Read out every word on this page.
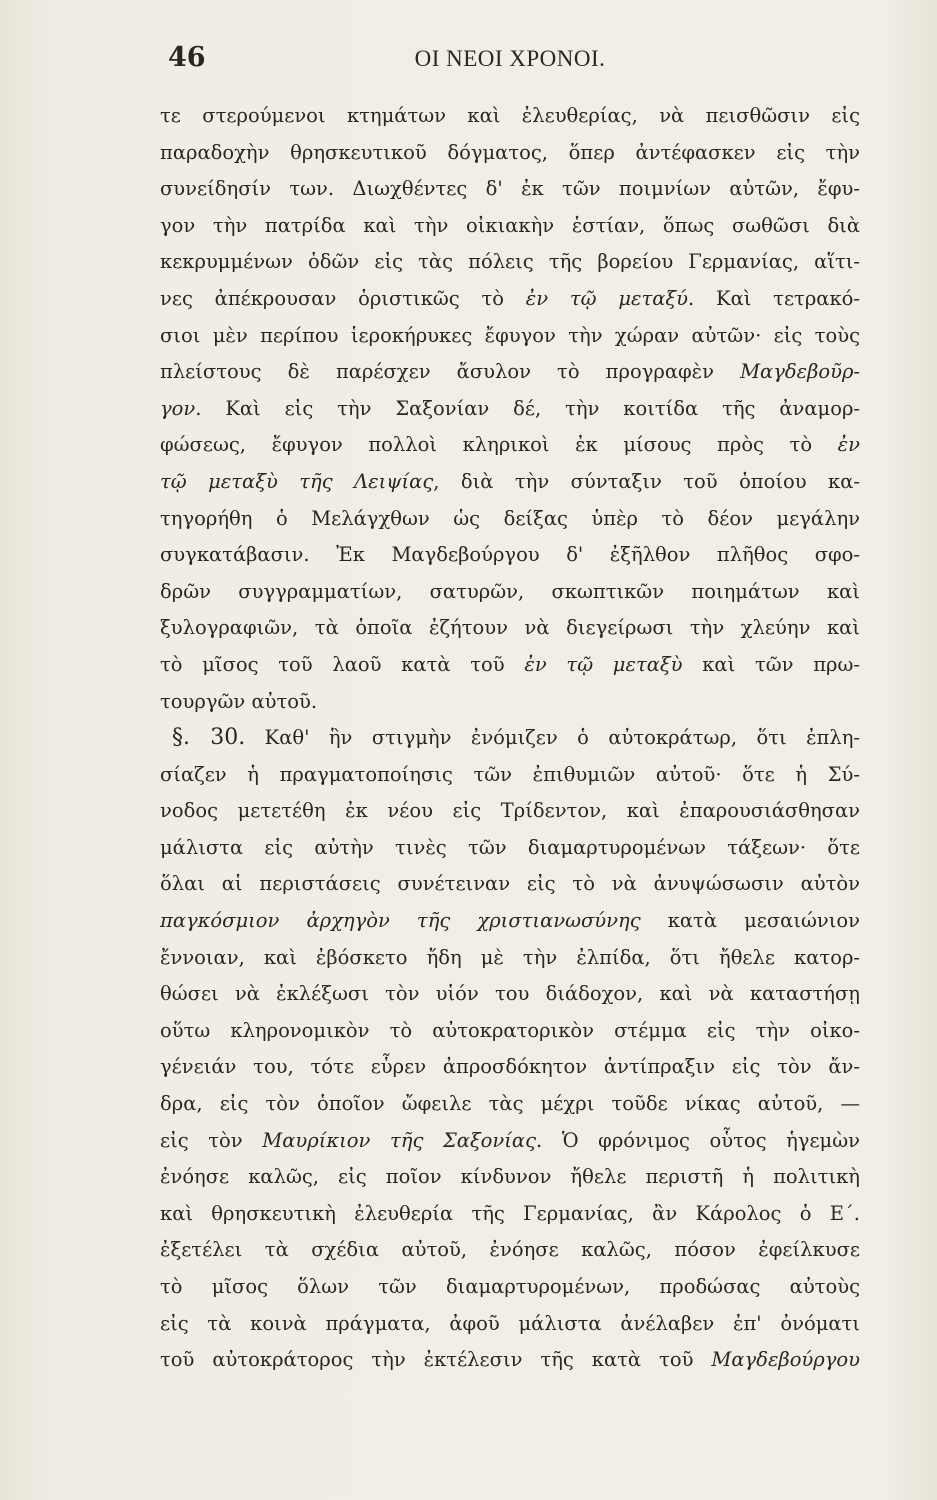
46	ΟΙ ΝΕΟΙ ΧΡΟΝΟΙ.
τε στερούμενοι κτημάτων καὶ ἐλευθερίας, νὰ πεισθῶσιν εἰς
παραδοχὴν θρησκευτικοῦ δόγματος, ὅπερ ἀντέφασκεν εἰς τὴν
συνείδησίν των. Διωχθέντες δ' ἐκ τῶν ποιμνίων αὐτῶν, ἔφυ-
γον τὴν πατρίδα καὶ τὴν οἰκιακὴν ἑστίαν, ὅπως σωθῶσι διὰ
κεκρυμμένων ὁδῶν εἰς τὰς πόλεις τῆς βορείου Γερμανίας, αἵτι-
νες ἀπέκρουσαν ὁριστικῶς τὸ ἐν τῷ μεταξύ. Καὶ τετρακό-
σιοι μὲν περίπου ἱεροκήρυκες ἔφυγον τὴν χώραν αὐτῶν· εἰς τοὺς
πλείστους δὲ παρέσχεν ἄσυλον τὸ προγραφὲν Μαγδεβοῦρ-
γον. Καὶ εἰς τὴν Σαξονίαν δέ, τὴν κοιτίδα τῆς ἀναμορ-
φώσεως, ἔφυγον πολλοὶ κληρικοὶ ἐκ μίσους πρὸς τὸ ἐν
τῷ μεταξὺ τῆς Λειψίας, διὰ τὴν σύνταξιν τοῦ ὁποίου κα-
τηγορήθη ὁ Μελάγχθων ὡς δείξας ὑπὲρ τὸ δέον μεγάλην
συγκατάβασιν. Ἐκ Μαγδεβούργου δ' ἐξῆλθον πλῆθος σφο-
δρῶν συγγραμματίων, σατυρῶν, σκωπτικῶν ποιημάτων καὶ
ξυλογραφιῶν, τὰ ὁποῖα ἐζήτουν νὰ διεγείρωσι τὴν χλεύην καὶ
τὸ μῖσος τοῦ λαοῦ κατὰ τοῦ ἐν τῷ μεταξὺ καὶ τῶν πρω-
τουργῶν αὐτοῦ.
§. 30. Καθ' ἣν στιγμὴν ἐνόμιζεν ὁ αὐτοκράτωρ, ὅτι ἐπλη-
σίαζεν ἡ πραγματοποίησις τῶν ἐπιθυμιῶν αὐτοῦ· ὅτε ἡ Σύ-
νοδος μετετέθη ἐκ νέου εἰς Τρίδεντον, καὶ ἐπαρουσιάσθησαν
μάλιστα εἰς αὐτὴν τινὲς τῶν διαμαρτυρομένων τάξεων· ὅτε
ὅλαι αἱ περιστάσεις συνέτειναν εἰς τὸ νὰ ἀνυψώσωσιν αὐτὸν
παγκόσμιον ἀρχηγὸν τῆς χριστιανωσύνης κατὰ μεσαιώνιον
ἔννοιαν, καὶ ἐβόσκετο ἤδη μὲ τὴν ἐλπίδα, ὅτι ἤθελε κατορ-
θώσει νὰ ἐκλέξωσι τὸν υἱόν του διάδοχον, καὶ νὰ καταστήσῃ
οὕτω κληρονομικὸν τὸ αὐτοκρατορικὸν στέμμα εἰς τὴν οἰκο-
γένειάν του, τότε εὗρεν ἀπροσδόκητον ἀντίπραξιν εἰς τὸν ἄν-
δρα, εἰς τὸν ὁποῖον ὤφειλε τὰς μέχρι τοῦδε νίκας αὐτοῦ, —
εἰς τὸν Μαυρίκιον τῆς Σαξονίας. Ὁ φρόνιμος οὗτος ἡγεμὼν
ἐνόησε καλῶς, εἰς ποῖον κίνδυνον ἤθελε περιστῆ ἡ πολιτικὴ
καὶ θρησκευτικὴ ἐλευθερία τῆς Γερμανίας, ἂν Κάρολος ὁ Ε΄.
ἐξετέλει τὰ σχέδια αὐτοῦ, ἐνόησε καλῶς, πόσον ἐφείλκυσε
τὸ μῖσος ὅλων τῶν διαμαρτυρομένων, προδώσας αὐτοὺς
εἰς τὰ κοινὰ πράγματα, ἀφοῦ μάλιστα ἀνέλαβεν ἐπ' ὀνόματι
τοῦ αὐτοκράτορος τὴν ἐκτέλεσιν τῆς κατὰ τοῦ Μαγδεβούργου
